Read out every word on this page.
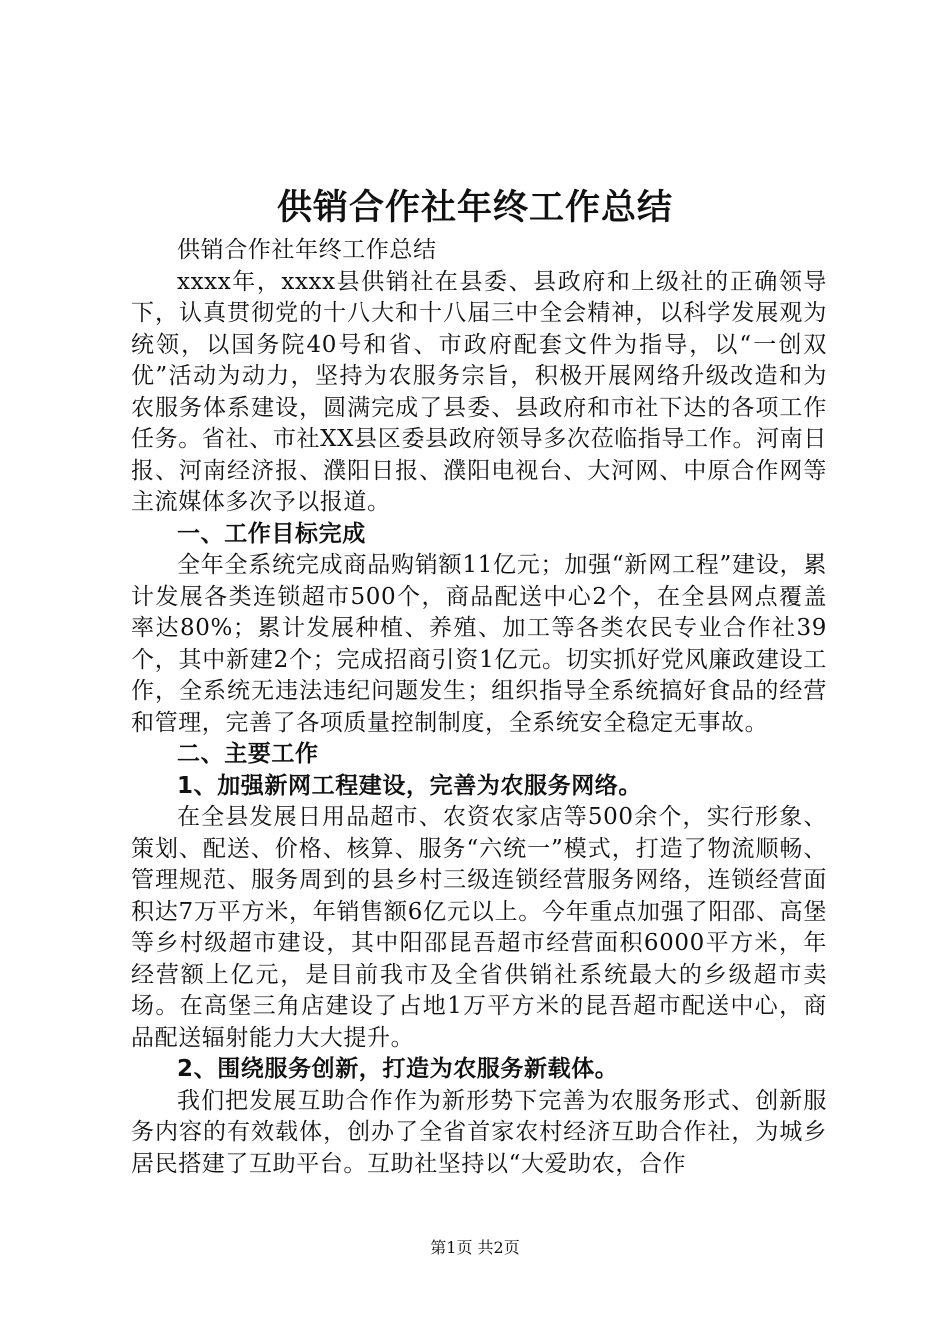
供销合作社年终工作总结

供销合作社年终工作总结

xxxx年，xxxx县供销社在县委、县政府和上级社的正确领导下，认真贯彻党的十八大和十八届三中全会精神，以科学发展观为统领，以国务院40号和省、市政府配套文件为指导，以“一创双优”活动为动力，坚持为农服务宗旨，积极开展网络升级改造和为农服务体系建设，圆满完成了县委、县政府和市社下达的各项工作任务。省社、市社XX县区委县政府领导多次莅临指导工作。河南日报、河南经济报、濮阳日报、濮阳电视台、大河网、中原合作网等主流媒体多次予以报道。

一、工作目标完成

全年全系统完成商品购销额11亿元；加强“新网工程”建设，累计发展各类连锁超市500个，商品配送中心2个，在全县网点覆盖率达80%；累计发展种植、养殖、加工等各类农民专业合作社39个，其中新建2个；完成招商引资1亿元。切实抓好党风廉政建设工作，全系统无违法违纪问题发生；组织指导全系统搞好食品的经营和管理，完善了各项质量控制制度，全系统安全稳定无事故。

二、主要工作

1、加强新网工程建设，完善为农服务网络。

在全县发展日用品超市、农资农家店等500余个，实行形象、策划、配送、价格、核算、服务“六统一”模式，打造了物流顺畅、管理规范、服务周到的县乡村三级连锁经营服务网络，连锁经营面积达7万平方米，年销售额6亿元以上。今年重点加强了阳邵、高堡等乡村级超市建设，其中阳邵昆吾超市经营面积6000平方米，年经营额上亿元，是目前我市及全省供销社系统最大的乡级超市卖场。在高堡三角店建设了占地1万平方米的昆吾超市配送中心，商品配送辐射能力大大提升。

2、围绕服务创新，打造为农服务新载体。

我们把发展互助合作作为新形势下完善为农服务形式、创新服务内容的有效载体，创办了全省首家农村经济互助合作社，为城乡居民搭建了互助平台。互助社坚持以“大爱助农，合作

第1页 共2页
